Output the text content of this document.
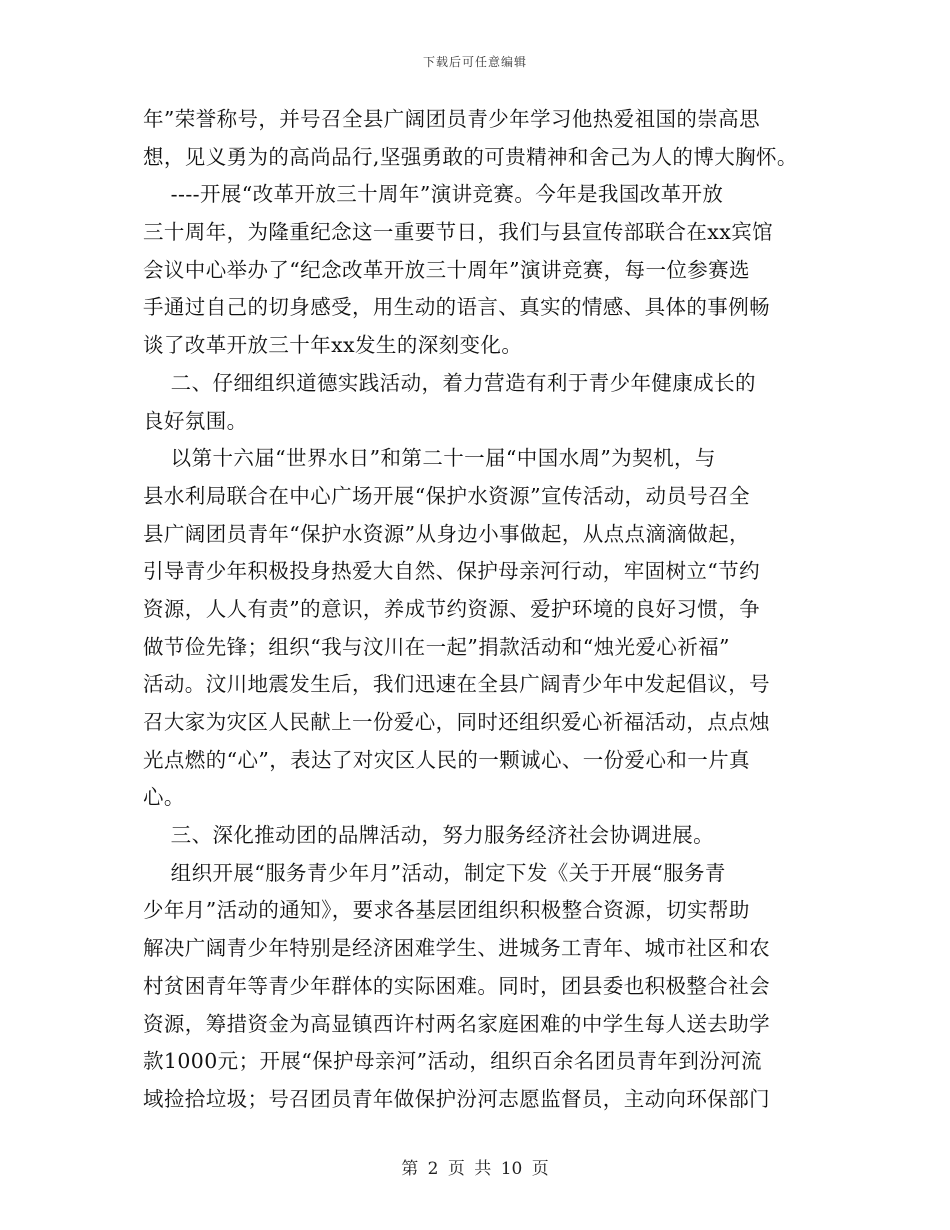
下载后可任意编辑
年”荣誉称号，并号召全县广阔团员青少年学习他热爱祖国的崇高思
想，见义勇为的高尚品行,坚强勇敢的可贵精神和舍己为人的博大胸怀。
----开展“改革开放三十周年”演讲竞赛。今年是我国改革开放
三十周年，为隆重纪念这一重要节日，我们与县宣传部联合在xx宾馆
会议中心举办了“纪念改革开放三十周年”演讲竞赛，每一位参赛选
手通过自己的切身感受，用生动的语言、真实的情感、具体的事例畅
谈了改革开放三十年xx发生的深刻变化。
二、仔细组织道德实践活动，着力营造有利于青少年健康成长的
良好氛围。
以第十六届“世界水日”和第二十一届“中国水周”为契机，与
县水利局联合在中心广场开展“保护水资源”宣传活动，动员号召全
县广阔团员青年“保护水资源”从身边小事做起，从点点滴滴做起，
引导青少年积极投身热爱大自然、保护母亲河行动，牢固树立“节约
资源，人人有责”的意识，养成节约资源、爱护环境的良好习惯，争
做节俭先锋；组织“我与汶川在一起”捐款活动和“烛光爱心祈福”
活动。汶川地震发生后，我们迅速在全县广阔青少年中发起倡议，号
召大家为灾区人民献上一份爱心，同时还组织爱心祈福活动，点点烛
光点燃的“心”，表达了对灾区人民的一颗诚心、一份爱心和一片真
心。
三、深化推动团的品牌活动，努力服务经济社会协调进展。
组织开展“服务青少年月”活动，制定下发《关于开展“服务青
少年月”活动的通知》，要求各基层团组织积极整合资源，切实帮助
解决广阔青少年特别是经济困难学生、进城务工青年、城市社区和农
村贫困青年等青少年群体的实际困难。同时，团县委也积极整合社会
资源，筹措资金为高显镇西许村两名家庭困难的中学生每人送去助学
款1000元；开展“保护母亲河”活动，组织百余名团员青年到汾河流
域捡拾垃圾；号召团员青年做保护汾河志愿监督员，主动向环保部门
第 2 页 共 10 页
